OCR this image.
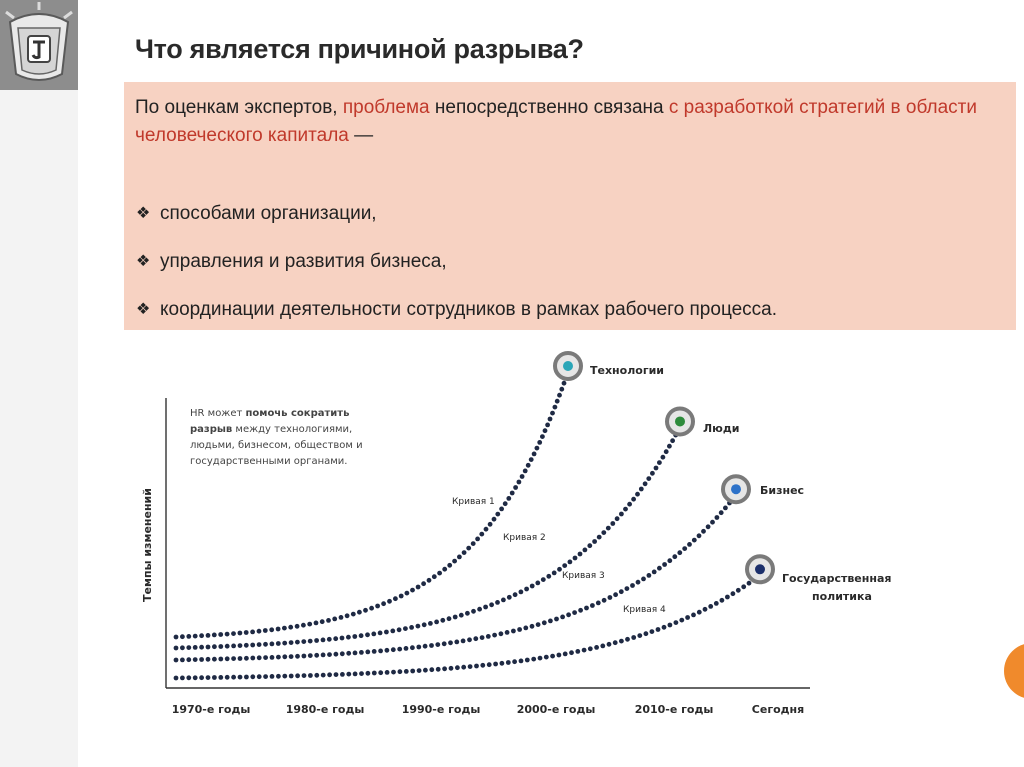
Что является причиной разрыва?
По оценкам экспертов, проблема непосредственно связана с разработкой стратегий в области человеческого капитала —
❖ способами организации,
❖ управления и развития бизнеса,
❖ координации деятельности сотрудников в рамках рабочего процесса.
Темпы изменений
1970-е годы	1980-е годы	1990-е годы	2000-е годы	2010-е годы	Сегодня
Кривая 1
Технологии
Кривая 2
Люди
Кривая 3
Бизнес
Кривая 4
Государственная политика
HR может помочь сократить разрыв между технологиями, людьми, бизнесом, обществом и государственными органами.
